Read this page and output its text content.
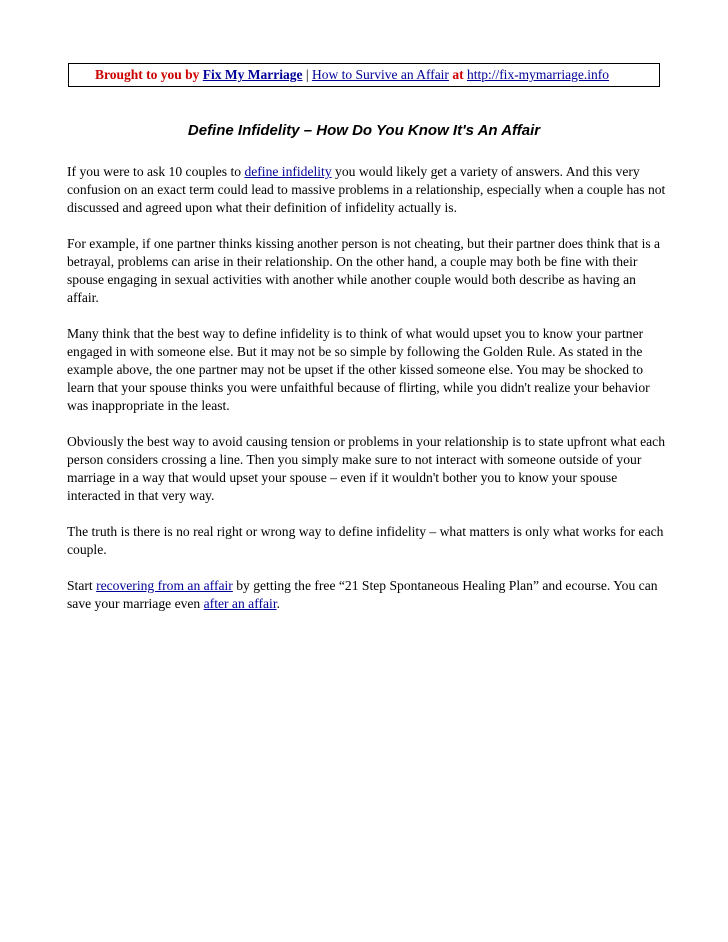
Brought to you by Fix My Marriage | How to Survive an Affair at http://fix-mymarriage.info
Define Infidelity – How Do You Know It's An Affair

If you were to ask 10 couples to define infidelity you would likely get a variety of answers. And this very confusion on an exact term could lead to massive problems in a relationship, especially when a couple has not discussed and agreed upon what their definition of infidelity actually is.

For example, if one partner thinks kissing another person is not cheating, but their partner does think that is a betrayal, problems can arise in their relationship. On the other hand, a couple may both be fine with their spouse engaging in sexual activities with another while another couple would both describe as having an affair.

Many think that the best way to define infidelity is to think of what would upset you to know your partner engaged in with someone else. But it may not be so simple by following the Golden Rule. As stated in the example above, the one partner may not be upset if the other kissed someone else. You may be shocked to learn that your spouse thinks you were unfaithful because of flirting, while you didn't realize your behavior was inappropriate in the least.

Obviously the best way to avoid causing tension or problems in your relationship is to state upfront what each person considers crossing a line. Then you simply make sure to not interact with someone outside of your marriage in a way that would upset your spouse – even if it wouldn't bother you to know your spouse interacted in that very way.

The truth is there is no real right or wrong way to define infidelity – what matters is only what works for each couple.

Start recovering from an affair by getting the free “21 Step Spontaneous Healing Plan” and ecourse. You can save your marriage even after an affair.
